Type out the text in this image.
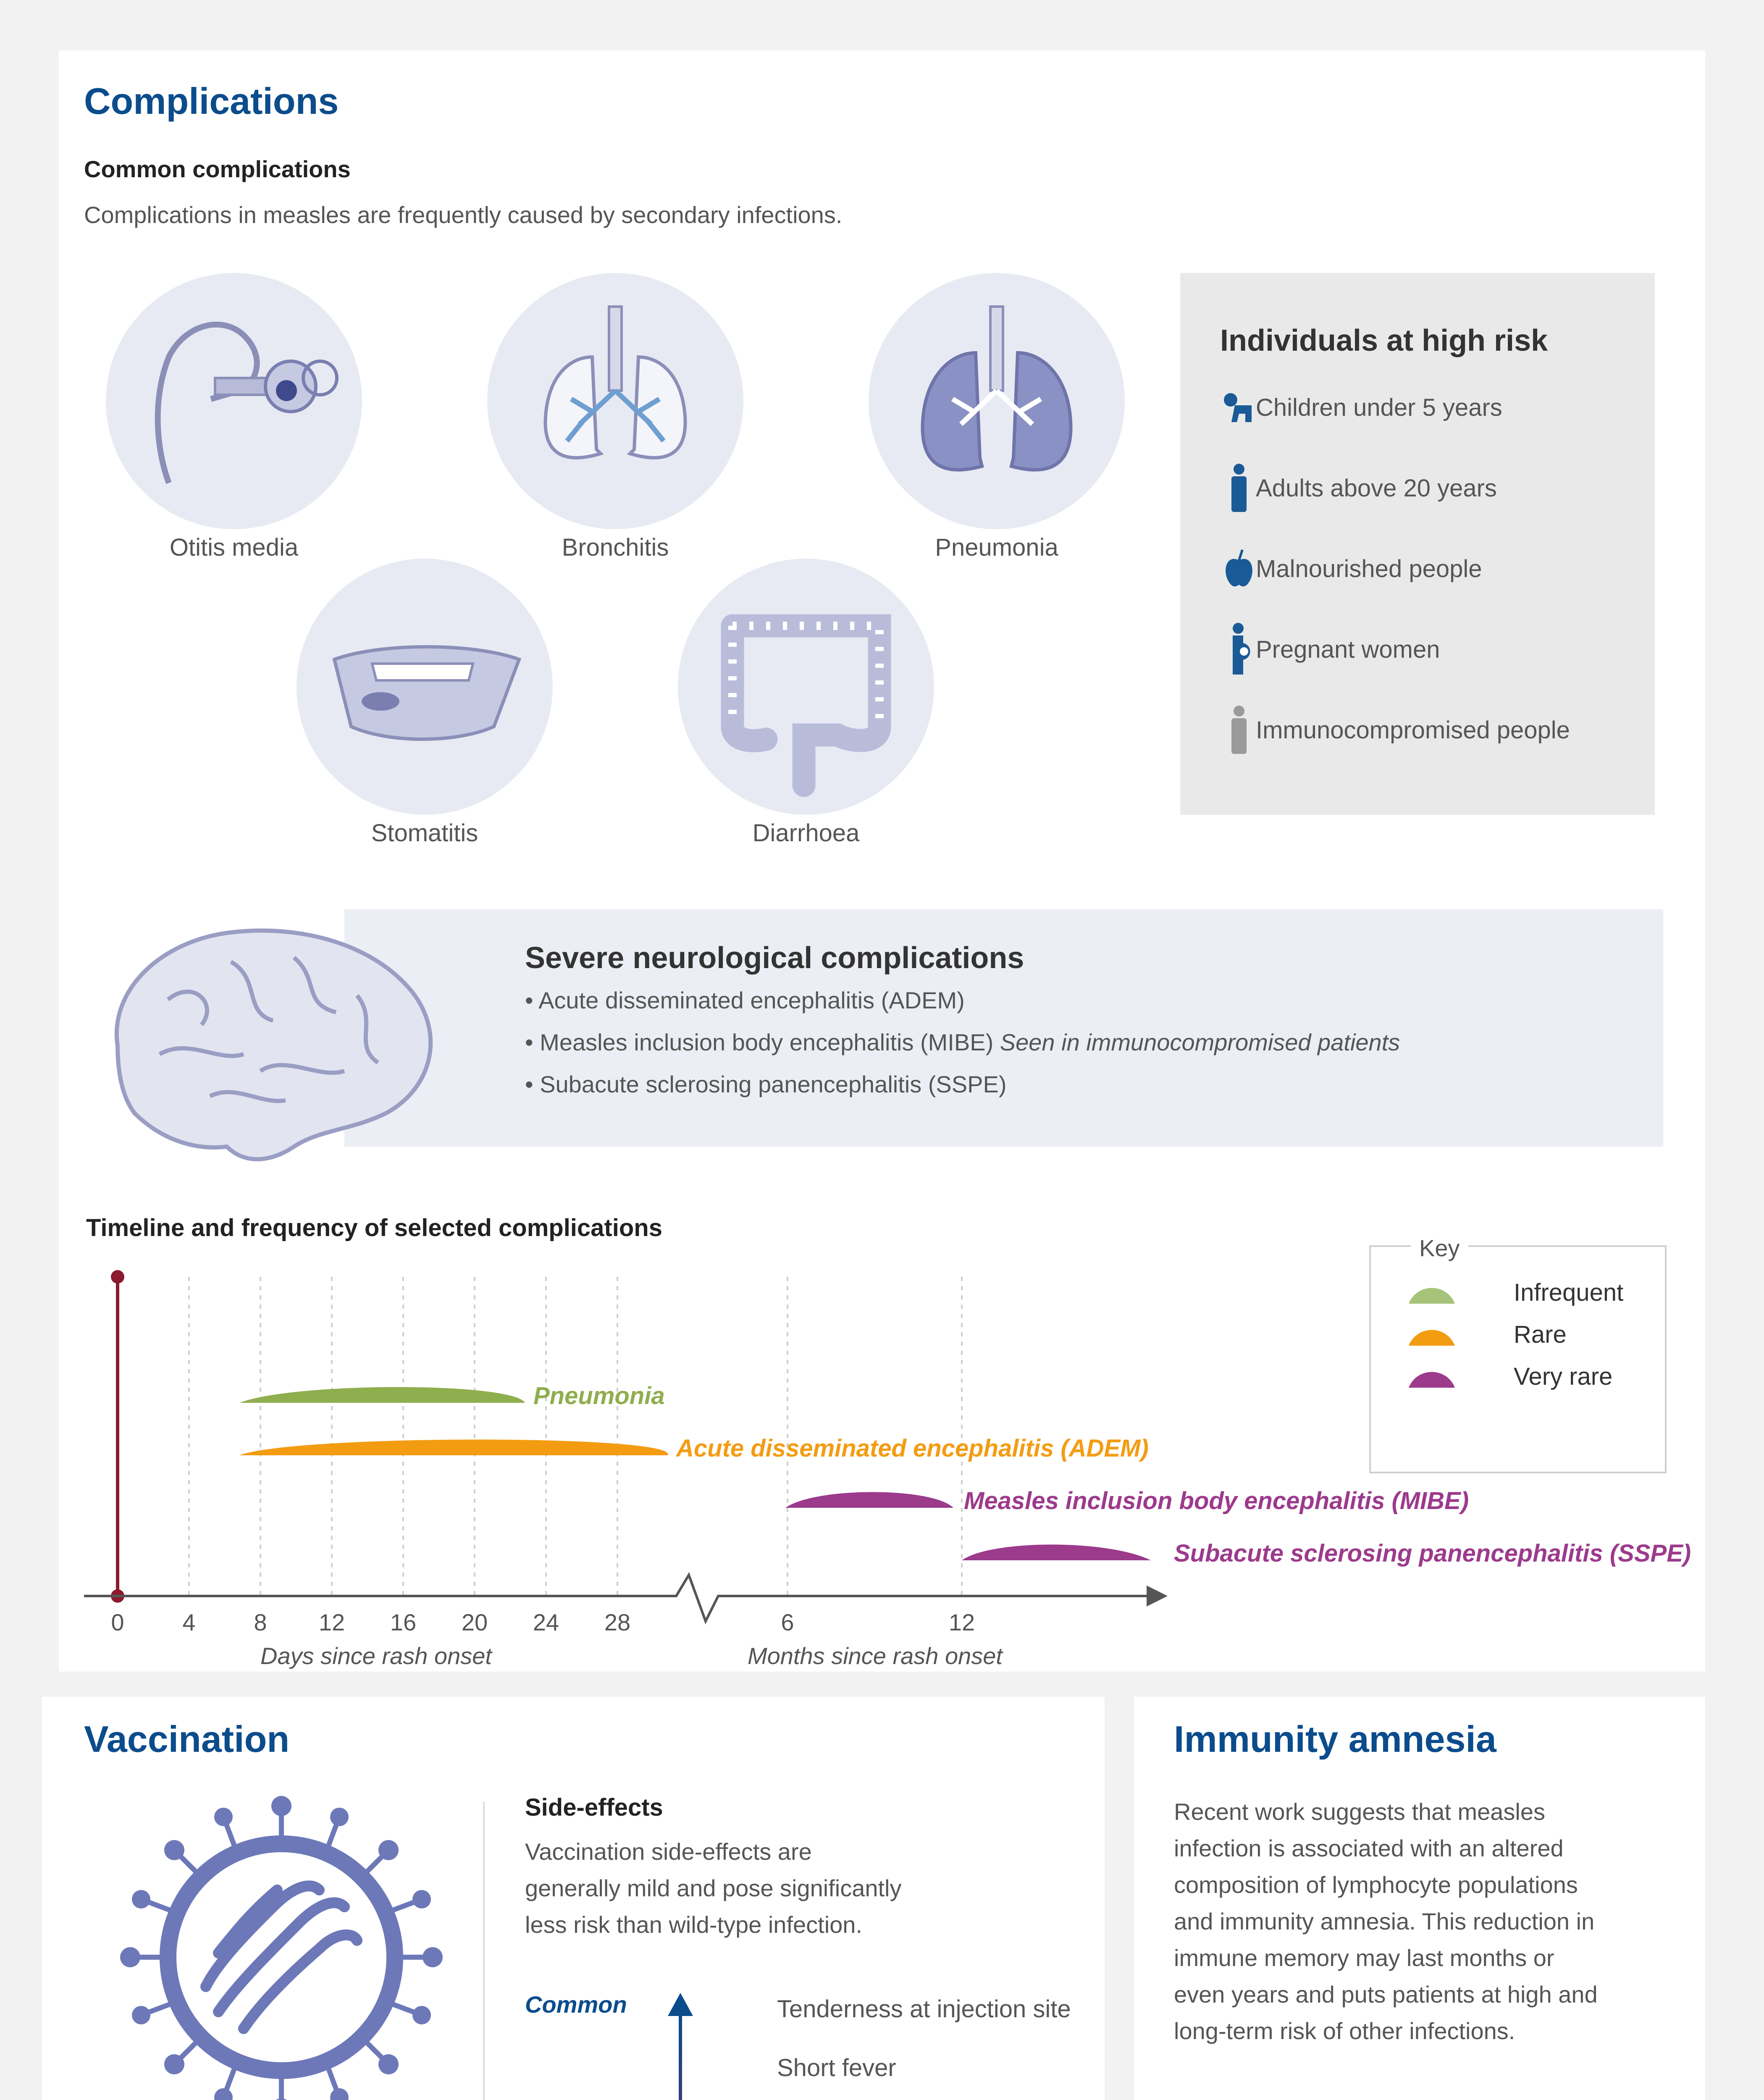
Complications
Common complications
Complications in measles are frequently caused by secondary infections.
Otitis media	Bronchitis	Pneumonia
Stomatitis	Diarrhoea
Individuals at high risk
Children under 5 years
Adults above 20 years
Malnourished people
Pregnant women
Immunocompromised people
Severe neurological complications
• Acute disseminated encephalitis (ADEM)
• Measles inclusion body encephalitis (MIBE) Seen in immunocompromised patients
• Subacute sclerosing panencephalitis (SSPE)
Timeline and frequency of selected complications
Key
Infrequent
Rare
Very rare
Pneumonia
Acute disseminated encephalitis (ADEM)
Measles inclusion body encephalitis (MIBE)
Subacute sclerosing panencephalitis (SSPE)
0	4	8	12	16	20	24	28	6	12
Days since rash onset	Months since rash onset
Vaccination
Side-effects
Vaccination side-effects are
generally mild and pose significantly
less risk than wild-type infection.
Common	Tenderness at injection site
Short fever
Immunity amnesia
Recent work suggests that measles
infection is associated with an altered
composition of lymphocyte populations
and immunity amnesia. This reduction in
immune memory may last months or
even years and puts patients at high and
long-term risk of other infections.
